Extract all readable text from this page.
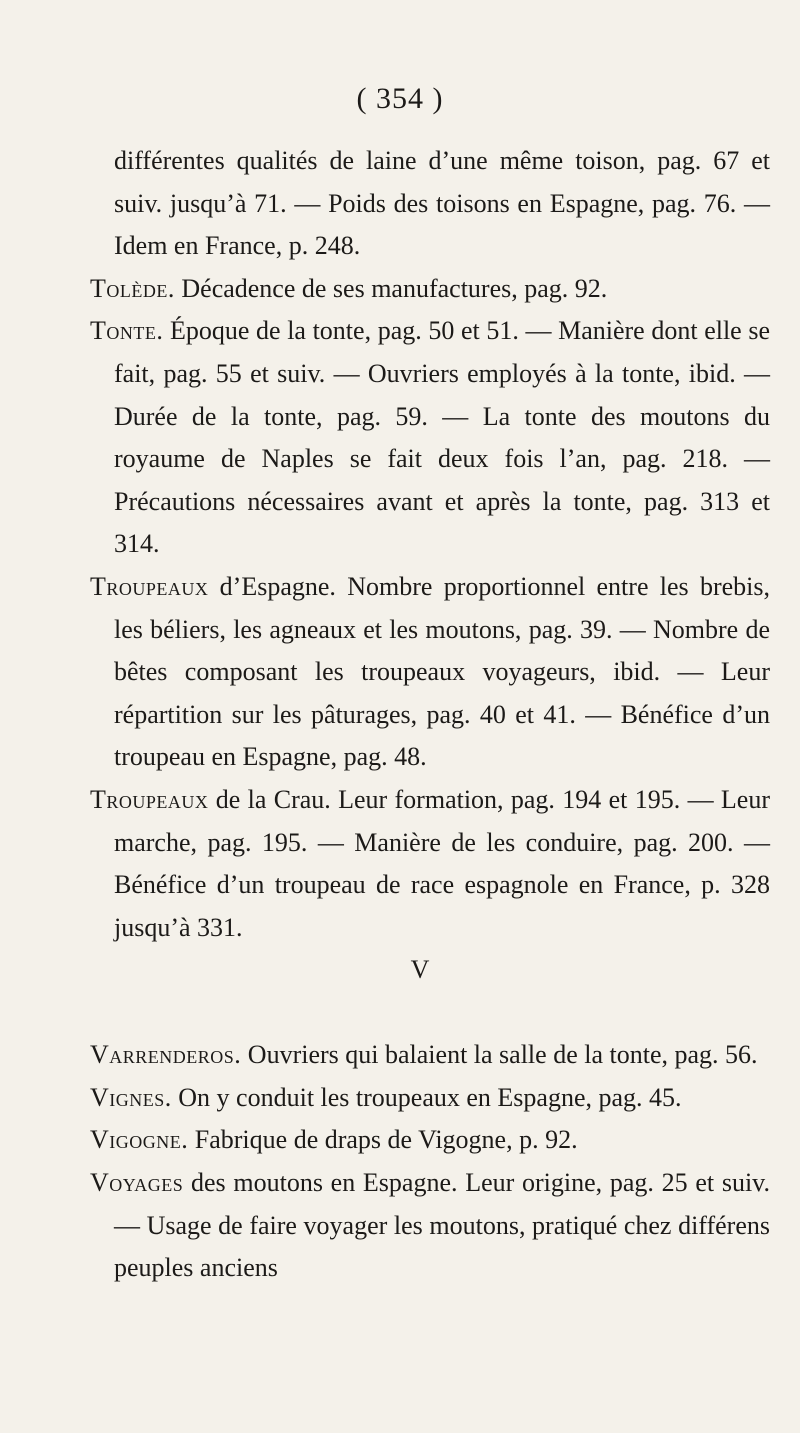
( 354 )

différentes qualités de laine d’une même toison, pag. 67 et suiv. jusqu’à 71. — Poids des toisons en Espagne, pag. 76. — Idem en France, p. 248.

Tolède. Décadence de ses manufactures, pag. 92.

Tonte. Époque de la tonte, pag. 50 et 51. — Manière dont elle se fait, pag. 55 et suiv. — Ouvriers employés à la tonte, ibid. — Durée de la tonte, pag. 59. — La tonte des moutons du royaume de Naples se fait deux fois l’an, pag. 218. — Précautions nécessaires avant et après la tonte, pag. 313 et 314.

Troupeaux d’Espagne. Nombre proportionnel entre les brebis, les béliers, les agneaux et les moutons, pag. 39. — Nombre de bêtes composant les troupeaux voyageurs, ibid. — Leur répartition sur les pâturages, pag. 40 et 41. — Bénéfice d’un troupeau en Espagne, pag. 48.

Troupeaux de la Crau. Leur formation, pag. 194 et 195. — Leur marche, pag. 195. — Manière de les conduire, pag. 200. — Bénéfice d’un troupeau de race espagnole en France, p. 328 jusqu’à 331.

V

Varrenderos. Ouvriers qui balaient la salle de la tonte, pag. 56.

Vignes. On y conduit les troupeaux en Espagne, pag. 45.

Vigogne. Fabrique de draps de Vigogne, p. 92.

Voyages des moutons en Espagne. Leur origine, pag. 25 et suiv. — Usage de faire voyager les moutons, pratiqué chez différens peuples anciens
